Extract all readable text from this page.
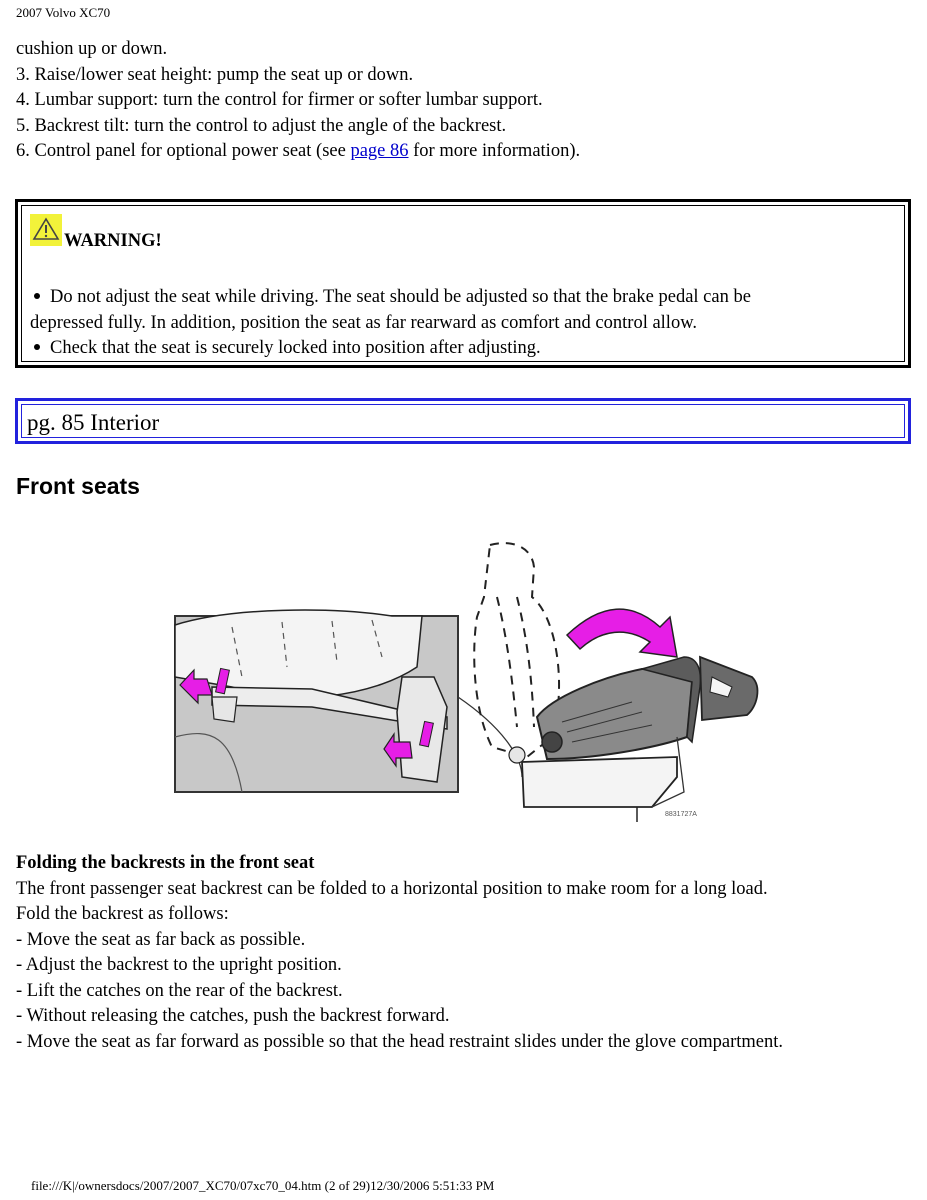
2007 Volvo XC70
cushion up or down.
3. Raise/lower seat height: pump the seat up or down.
4. Lumbar support: turn the control for firmer or softer lumbar support.
5. Backrest tilt: turn the control to adjust the angle of the backrest.
6. Control panel for optional power seat (see page 86 for more information).
WARNING!
Do not adjust the seat while driving. The seat should be adjusted so that the brake pedal can be
depressed fully. In addition, position the seat as far rearward as comfort and control allow.
Check that the seat is securely locked into position after adjusting.
pg. 85 Interior
Front seats
8831727A
Folding the backrests in the front seat
The front passenger seat backrest can be folded to a horizontal position to make room for a long load.
Fold the backrest as follows:
- Move the seat as far back as possible.
- Adjust the backrest to the upright position.
- Lift the catches on the rear of the backrest.
- Without releasing the catches, push the backrest forward.
- Move the seat as far forward as possible so that the head restraint slides under the glove compartment.
file:///K|/ownersdocs/2007/2007_XC70/07xc70_04.htm (2 of 29)12/30/2006 5:51:33 PM
